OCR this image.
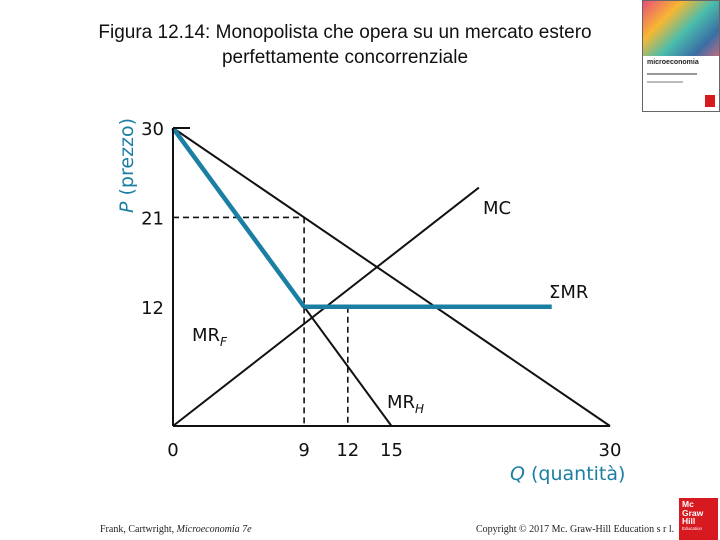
Figura 12.14: Monopolista che opera su un mercato estero perfettamente concorrenziale	microeconomia
0	9 12 15	30
30
21
12
Q (quantità)
P (prezzo)
MC
ΣMR
$MR_F$
$MR_H$
Frank, Cartwright, Microeconomia 7e	Copyright © 2017 Mc. Graw-Hill Education s r l.
Mc
Graw
Hill
Education
